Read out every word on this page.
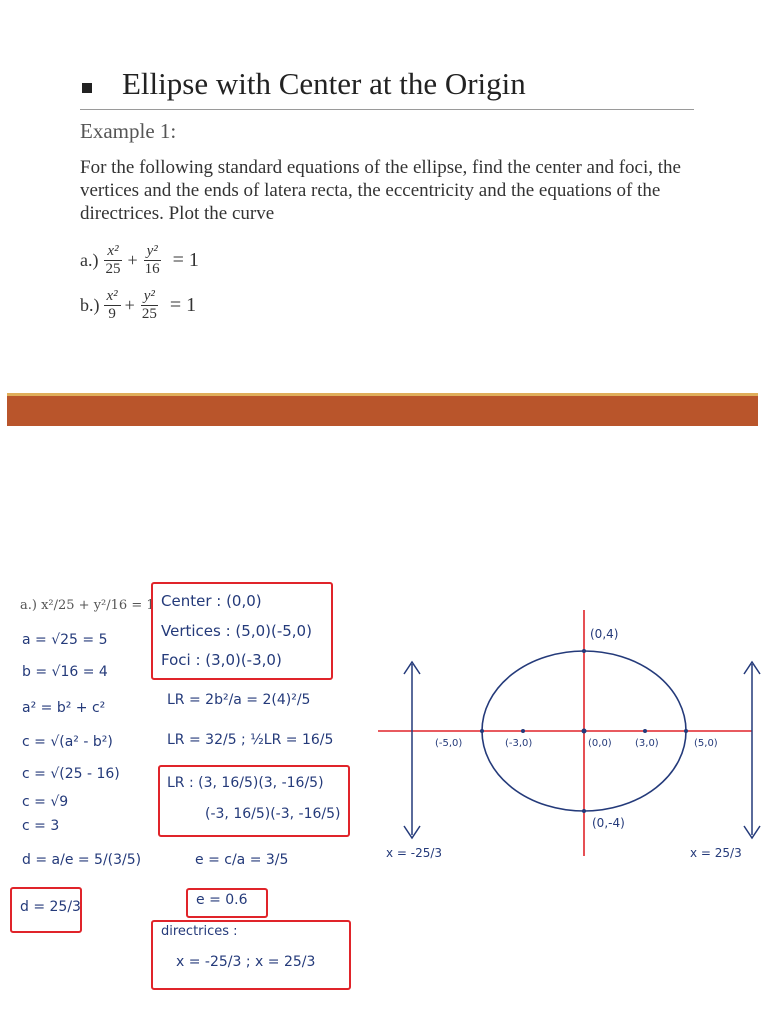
Ellipse with Center at the Origin
Example 1:
For the following standard equations of the ellipse, find the center and foci, the vertices and the ends of latera recta, the eccentricity and the equations of the directrices. Plot the curve
$a.) \frac{\text{x²}}{25} + \frac{\text{y²}}{16} = 1$
$b.) \frac{\text{x²}}{9} + \frac{\text{y²}}{25} = 1$
a.) x²/25 + y²/16 = 1
a = √25 = 5
b = √16 = 4
a² = b² + c²
c = √(a² - b²)
c = √(25 - 16)
c = √9
c = 3
d = a/e = 5/(3/5)
d = 25/3
Center : (0,0)
Vertices : (5,0)(-5,0)
Foci : (3,0)(-3,0)
LR = 2b²/a = 2(4)²/5
LR = 32/5 ; ½LR = 16/5
LR : (3, 16/5)(3, -16/5)
(-3, 16/5)(-3, -16/5)
e = c/a = 3/5
e = 0.6
directrices :
x = -25/3 ; x = 25/3
(0,4)
(0,-4)
(-5,0)	(-3,0)	(0,0) (3,0)	(5,0)
x = -25/3	x = 25/3
